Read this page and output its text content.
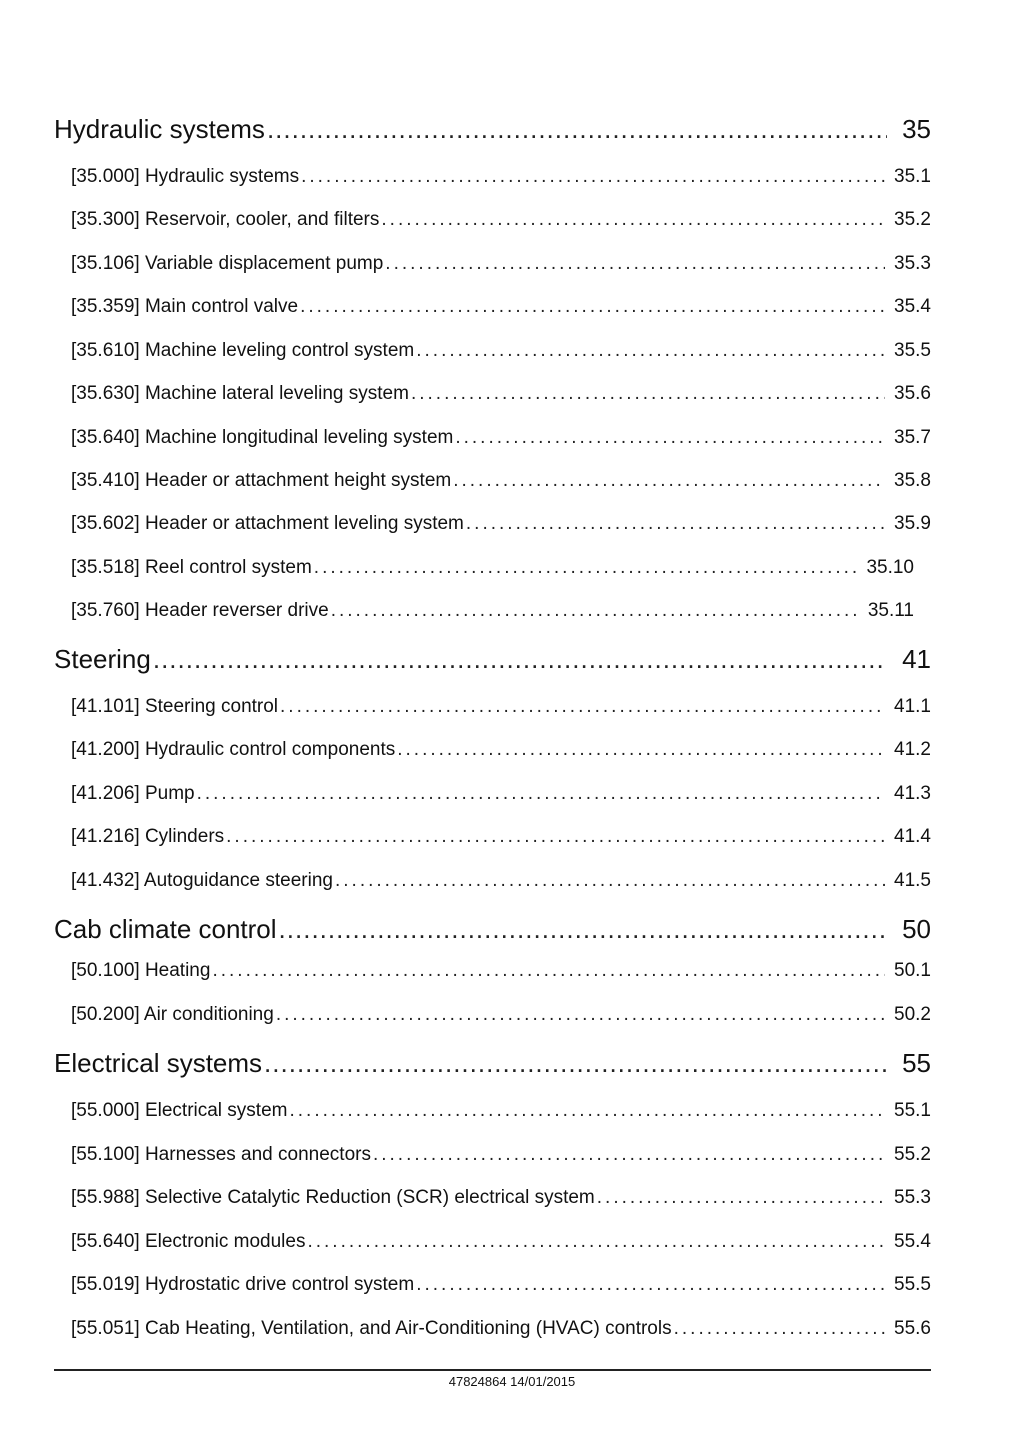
Hydraulic systems .....	35
[35.000] Hydraulic systems .....	35.1
[35.300] Reservoir, cooler, and filters .....	35.2
[35.106] Variable displacement pump .....	35.3
[35.359] Main control valve .....	35.4
[35.610] Machine leveling control system .....	35.5
[35.630] Machine lateral leveling system .....	35.6
[35.640] Machine longitudinal leveling system .....	35.7
[35.410] Header or attachment height system .....	35.8
[35.602] Header or attachment leveling system .....	35.9
[35.518] Reel control system .....	35.10
[35.760] Header reverser drive .....	35.11
Steering .....	41
[41.101] Steering control .....	41.1
[41.200] Hydraulic control components .....	41.2
[41.206] Pump .....	41.3
[41.216] Cylinders .....	41.4
[41.432] Autoguidance steering .....	41.5
Cab climate control .....	50
[50.100] Heating .....	50.1
[50.200] Air conditioning .....	50.2
Electrical systems .....	55
[55.000] Electrical system .....	55.1
[55.100] Harnesses and connectors .....	55.2
[55.988] Selective Catalytic Reduction (SCR) electrical system .....	55.3
[55.640] Electronic modules .....	55.4
[55.019] Hydrostatic drive control system .....	55.5
[55.051] Cab Heating, Ventilation, and Air-Conditioning (HVAC) controls .....	55.6
47824864 14/01/2015
